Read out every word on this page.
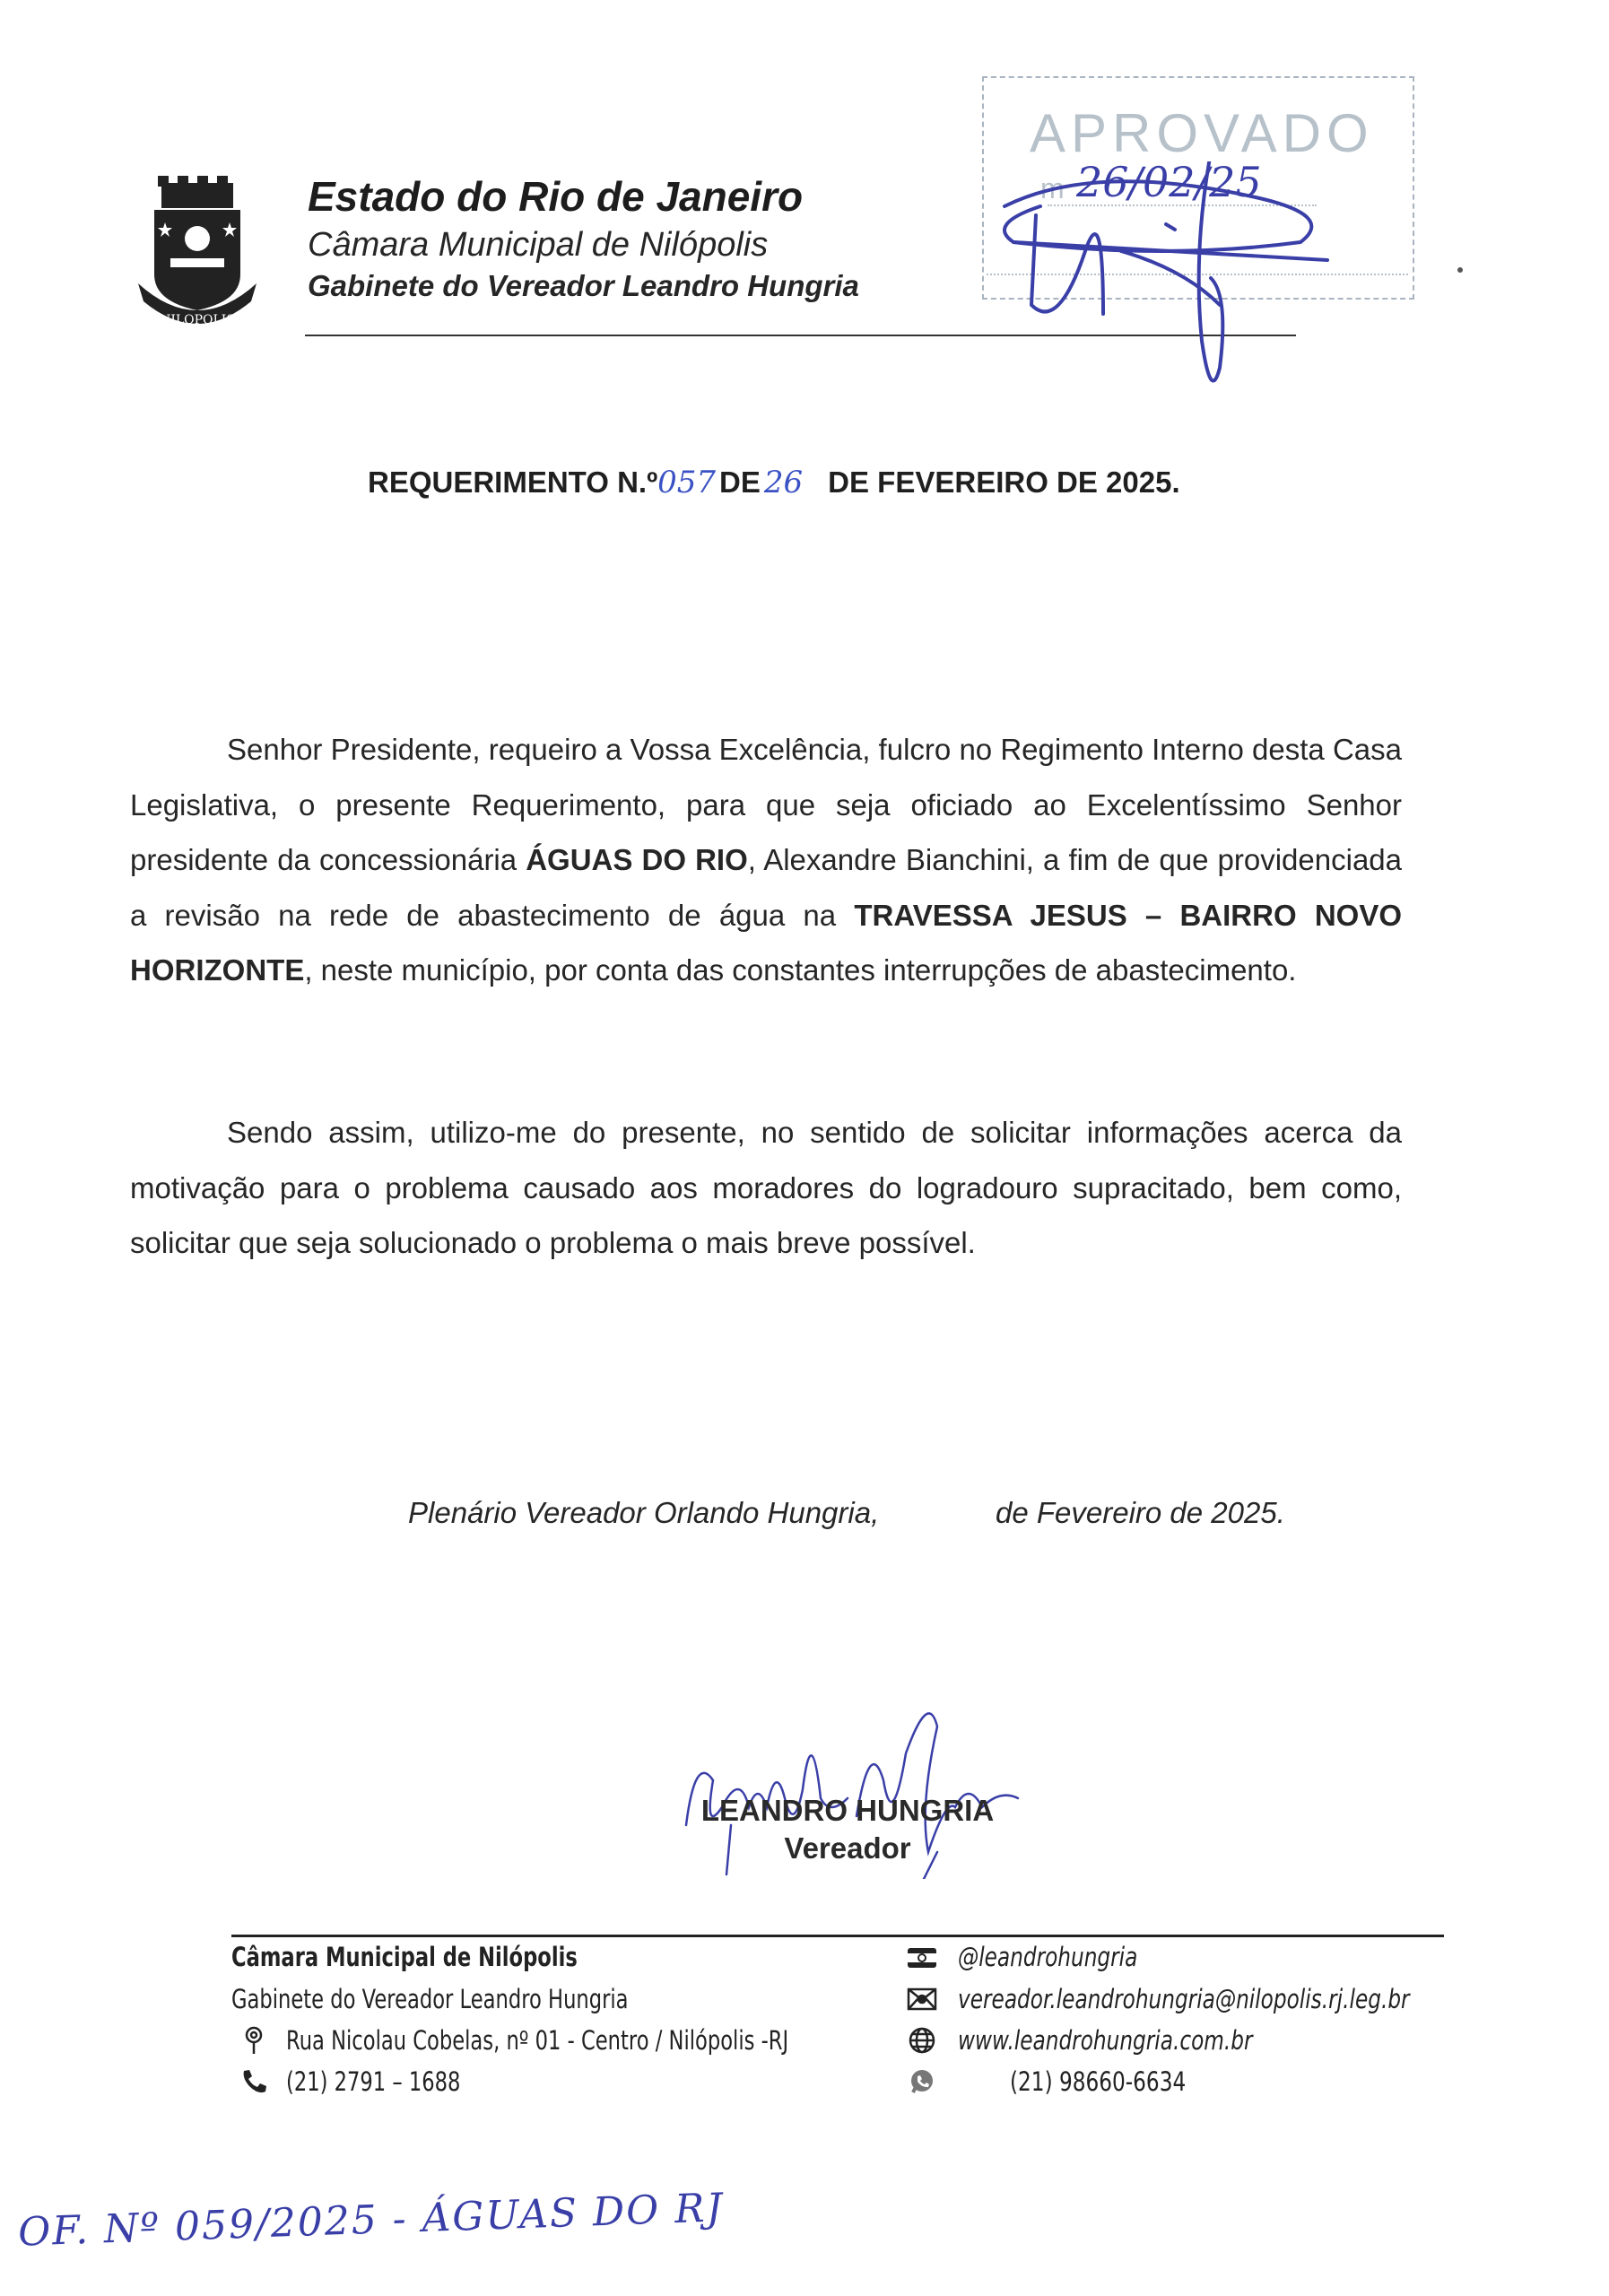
NILOPOLIS
Estado do Rio de Janeiro
Câmara Municipal de Nilópolis
Gabinete do Vereador Leandro Hungria
APROVADO
m 26/02/25
REQUERIMENTO N.º 057 DE 26 DE FEVEREIRO DE 2025.

Senhor Presidente, requeiro a Vossa Excelência, fulcro no Regimento Interno desta Casa Legislativa, o presente Requerimento, para que seja oficiado ao Excelentíssimo Senhor presidente da concessionária ÁGUAS DO RIO, Alexandre Bianchini, a fim de que providenciada a revisão na rede de abastecimento de água na TRAVESSA JESUS – BAIRRO NOVO HORIZONTE, neste município, por conta das constantes interrupções de abastecimento.

Sendo assim, utilizo-me do presente, no sentido de solicitar informações acerca da motivação para o problema causado aos moradores do logradouro supracitado, bem como, solicitar que seja solucionado o problema o mais breve possível.

Plenário Vereador Orlando Hungria,	de Fevereiro de 2025.
LEANDRO HUNGRIA
Vereador
Câmara Municipal de Nilópolis
Gabinete do Vereador Leandro Hungria
Rua Nicolau Cobelas, nº 01 - Centro / Nilópolis -RJ
(21) 2791 – 1688
@leandrohungria
vereador.leandrohungria@nilopolis.rj.leg.br
www.leandrohungria.com.br
(21) 98660-6634
OF. Nº 059/2025 - ÁGUAS DO RJ
